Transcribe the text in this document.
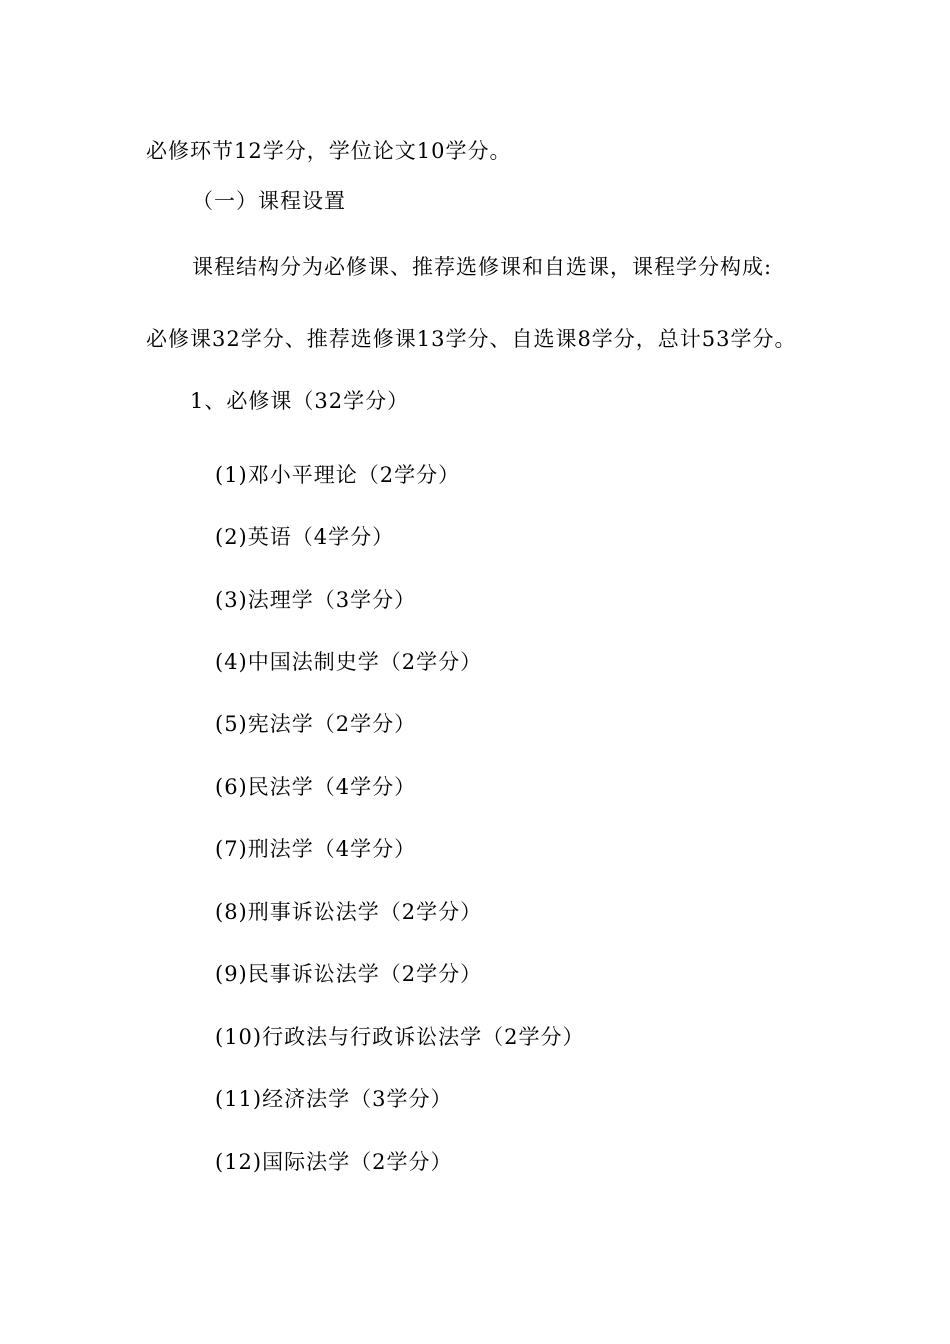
必修环节12学分，学位论文10学分。
（一）课程设置
课程结构分为必修课、推荐选修课和自选课，课程学分构成:
必修课32学分、推荐选修课13学分、自选课8学分，总计53学分。
1、必修课（32学分）
(1)邓小平理论（2学分）
(2)英语（4学分）
(3)法理学（3学分）
(4)中国法制史学（2学分）
(5)宪法学（2学分）
(6)民法学（4学分）
(7)刑法学（4学分）
(8)刑事诉讼法学（2学分）
(9)民事诉讼法学（2学分）
(10)行政法与行政诉讼法学（2学分）
(11)经济法学（3学分）
(12)国际法学（2学分）
